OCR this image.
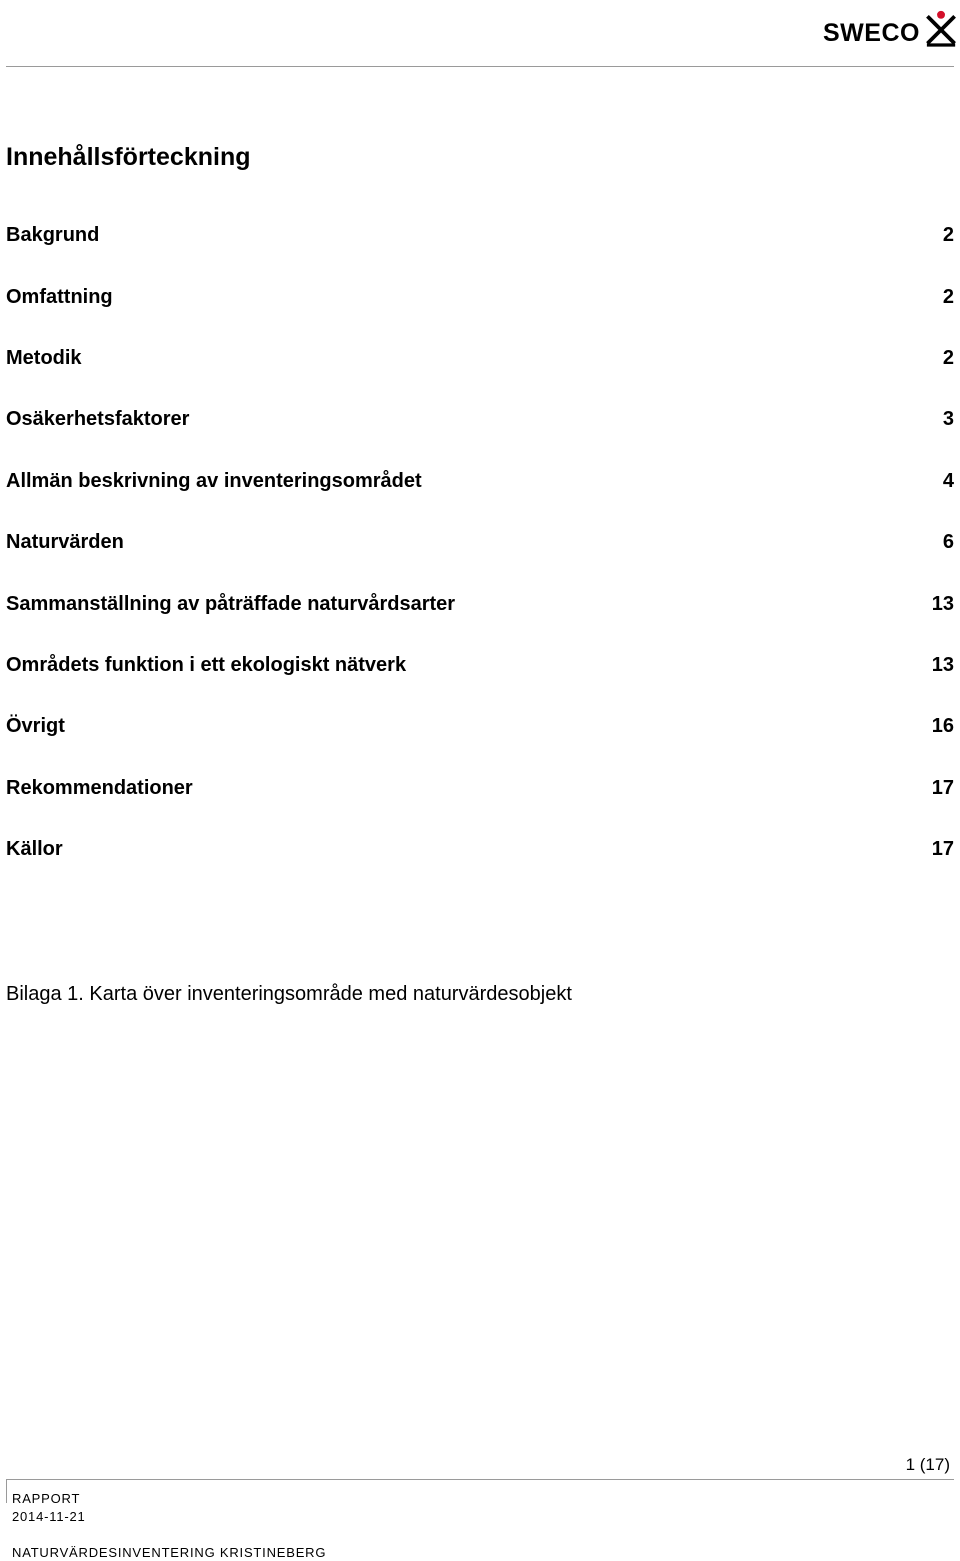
SWECO
Innehållsförteckning
Bakgrund	2
Omfattning	2
Metodik	2
Osäkerhetsfaktorer	3
Allmän beskrivning av inventeringsområdet	4
Naturvärden	6
Sammanställning av påträffade naturvårdsarter	13
Områdets funktion i ett ekologiskt nätverk	13
Övrigt	16
Rekommendationer	17
Källor	17
Bilaga 1. Karta över inventeringsområde med naturvärdesobjekt
1 (17)
RAPPORT
2014-11-21
NATURVÄRDESINVENTERING KRISTINEBERG
